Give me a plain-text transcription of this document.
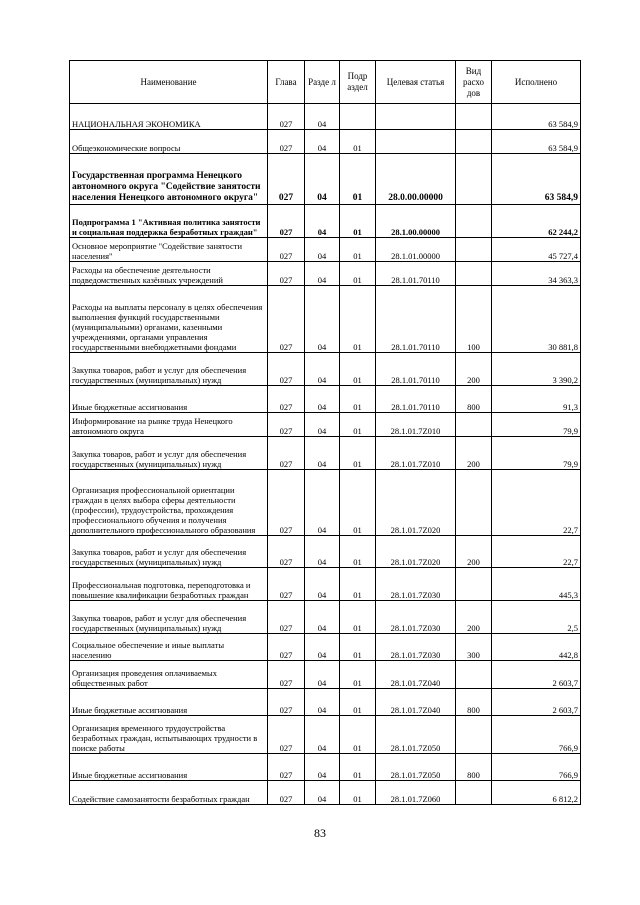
Наименование	Глава	Разде л	Подр аздел	Целевая статья	Вид расхо дов	Исполнено
НАЦИОНАЛЬНАЯ ЭКОНОМИКА	027	04				63 584,9
Общеэкономические вопросы	027	04	01			63 584,9
Государственная программа Ненецкого автономного округа "Содействие занятости населения Ненецкого автономного округа"	027	04	01	28.0.00.00000		63 584,9
Подпрограмма 1 "Активная политика занятости и социальная поддержка безработных граждан"	027	04	01	28.1.00.00000		62 244,2
Основное мероприятие "Содействие занятости населения"	027	04	01	28.1.01.00000		45 727,4
Расходы на обеспечение деятельности подведомственных казённых учреждений	027	04	01	28.1.01.70110		34 363,3
Расходы на выплаты персоналу в целях обеспечения выполнения функций государственными (муниципальными) органами, казенными учреждениями, органами управления государственными внебюджетными фондами	027	04	01	28.1.01.70110	100	30 881,8
Закупка товаров, работ и услуг для обеспечения государственных (муниципальных) нужд	027	04	01	28.1.01.70110	200	3 390,2
Иные бюджетные ассигнования	027	04	01	28.1.01.70110	800	91,3
Информирование на рынке труда Ненецкого автономного округа	027	04	01	28.1.01.7Z010		79,9
Закупка товаров, работ и услуг для обеспечения государственных (муниципальных) нужд	027	04	01	28.1.01.7Z010	200	79,9
Организация профессиональной ориентации граждан в целях выбора сферы деятельности (профессии), трудоустройства, прохождения профессионального обучения и получения дополнительного профессионального образования	027	04	01	28.1.01.7Z020		22,7
Закупка товаров, работ и услуг для обеспечения государственных (муниципальных) нужд	027	04	01	28.1.01.7Z020	200	22,7
Профессиональная подготовка, переподготовка и повышение квалификации безработных граждан	027	04	01	28.1.01.7Z030		445,3
Закупка товаров, работ и услуг для обеспечения государственных (муниципальных) нужд	027	04	01	28.1.01.7Z030	200	2,5
Социальное обеспечение и иные выплаты населению	027	04	01	28.1.01.7Z030	300	442,8
Организация проведения оплачиваемых общественных работ	027	04	01	28.1.01.7Z040		2 603,7
Иные бюджетные ассигнования	027	04	01	28.1.01.7Z040	800	2 603,7
Организация временного трудоустройства безработных граждан, испытывающих трудности в поиске работы	027	04	01	28.1.01.7Z050		766,9
Иные бюджетные ассигнования	027	04	01	28.1.01.7Z050	800	766,9
Содействие самозанятости безработных граждан	027	04	01	28.1.01.7Z060		6 812,2
83
